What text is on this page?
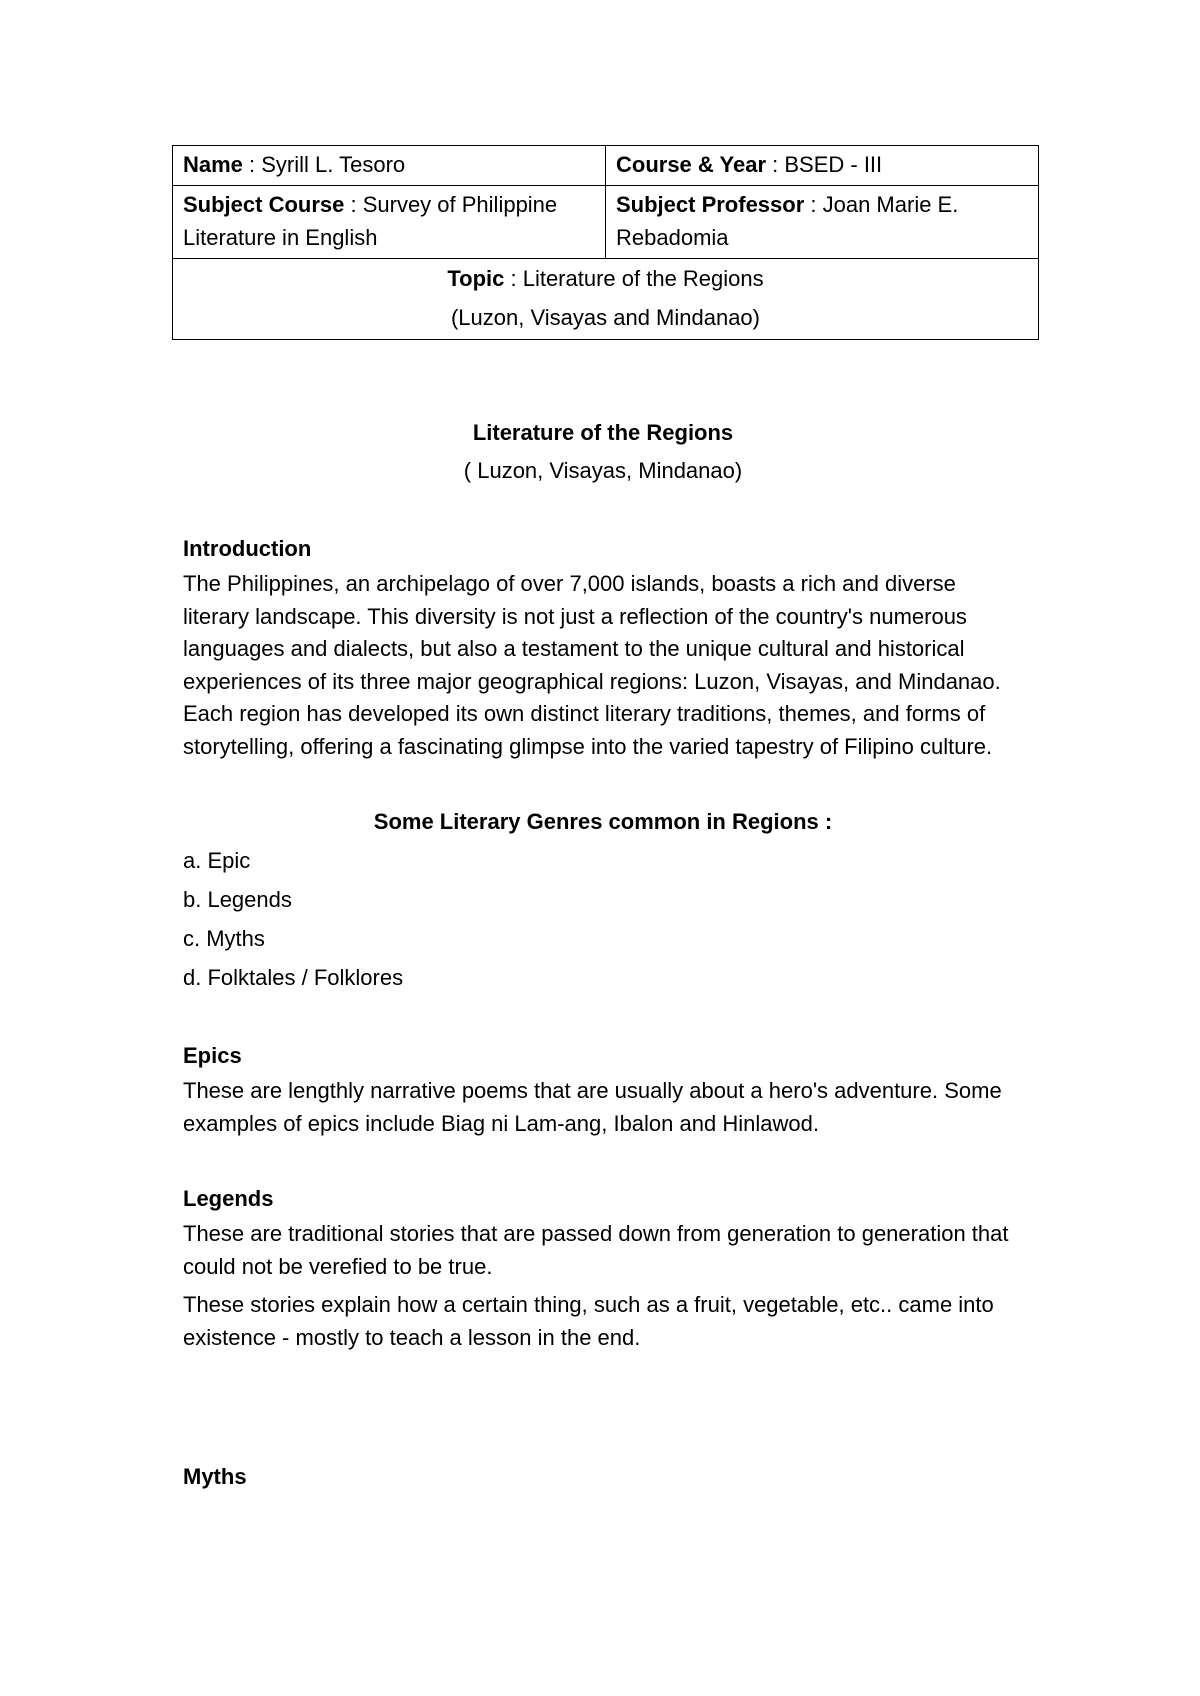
Name : Syrill L. Tesoro	Course & Year : BSED - III
Subject Course : Survey of Philippine Literature in English	Subject Professor : Joan Marie E. Rebadomia

Topic : Literature of the Regions
(Luzon, Visayas and Mindanao)	

Literature of the Regions

( Luzon, Visayas, Mindanao)

Introduction

The Philippines, an archipelago of over 7,000 islands, boasts a rich and diverse literary landscape. This diversity is not just a reflection of the country's numerous languages and dialects, but also a testament to the unique cultural and historical experiences of its three major geographical regions: Luzon, Visayas, and Mindanao. Each region has developed its own distinct literary traditions, themes, and forms of storytelling, offering a fascinating glimpse into the varied tapestry of Filipino culture.

Some Literary Genres common in Regions :

a. Epic
b. Legends
c. Myths
d. Folktales / Folklores

Epics

These are lengthly narrative poems that are usually about a hero's adventure. Some examples of epics include Biag ni Lam-ang, Ibalon and Hinlawod.

Legends

These are traditional stories that are passed down from generation to generation that could not be verefied to be true.

These stories explain how a certain thing, such as a fruit, vegetable, etc.. came into existence - mostly to teach a lesson in the end.

Myths
